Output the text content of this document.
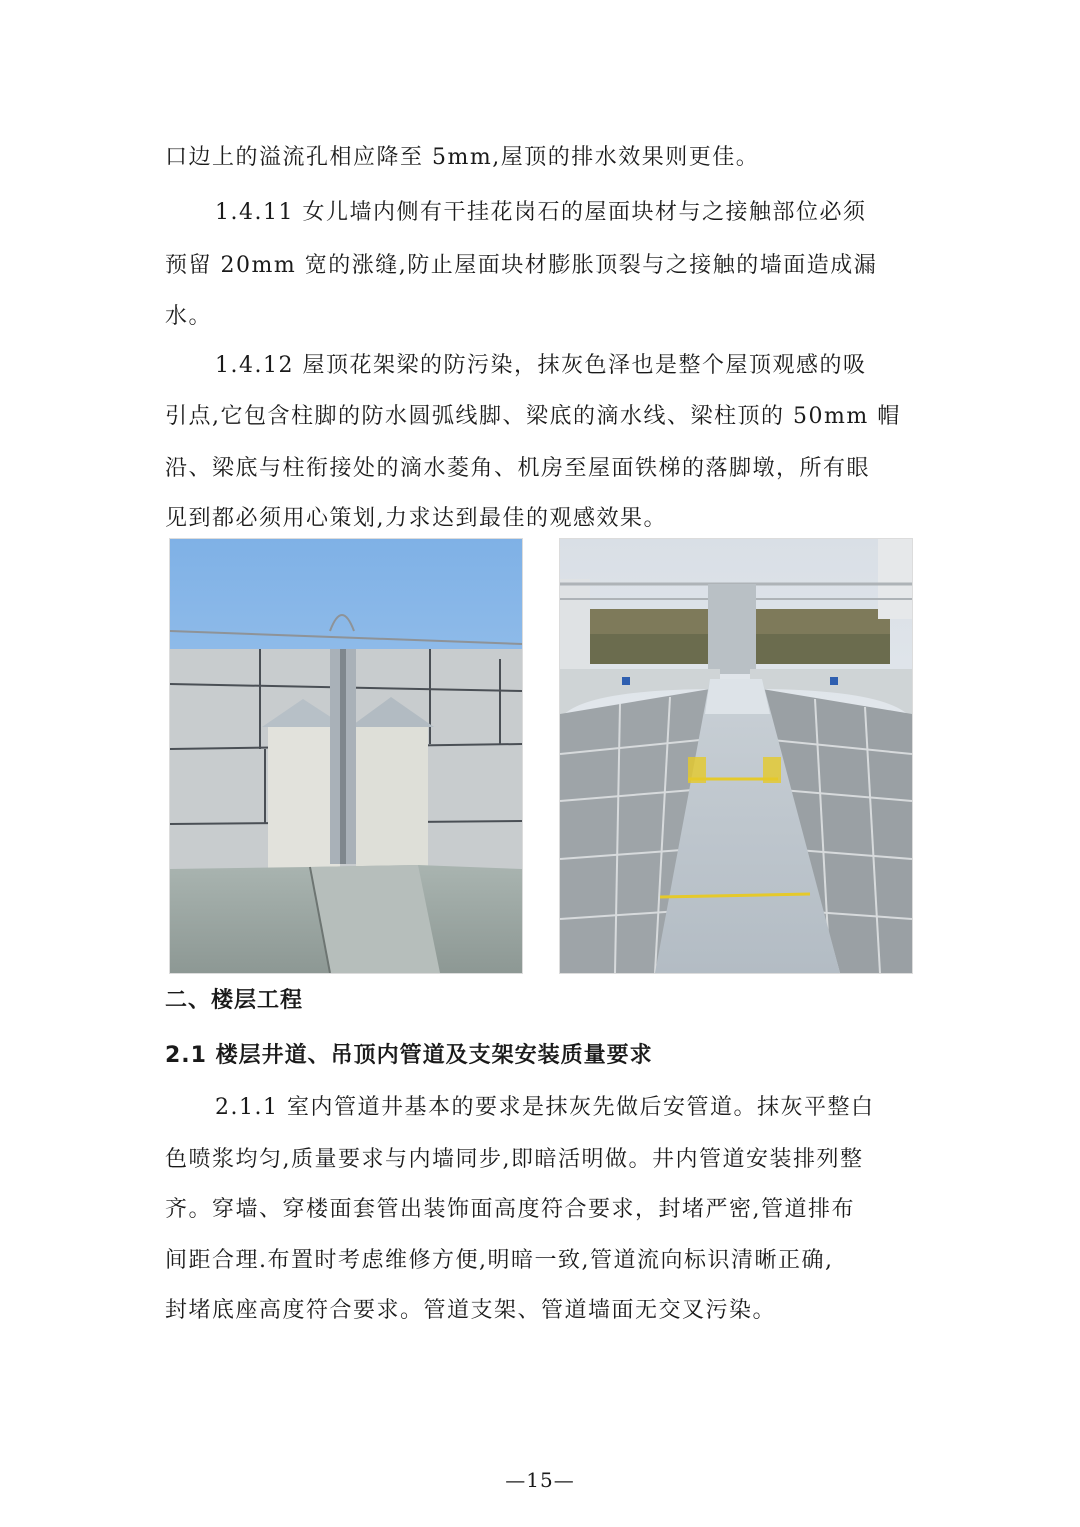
口边上的溢流孔相应降至 5mm,屋顶的排水效果则更佳。

1.4.11 女儿墙内侧有干挂花岗石的屋面块材与之接触部位必须

预留 20mm 宽的涨缝,防止屋面块材膨胀顶裂与之接触的墙面造成漏

水。

1.4.12 屋顶花架梁的防污染，抹灰色泽也是整个屋顶观感的吸

引点,它包含柱脚的防水圆弧线脚、梁底的滴水线、梁柱顶的 50mm 帽

沿、梁底与柱衔接处的滴水菱角、机房至屋面铁梯的落脚墩，所有眼

见到都必须用心策划,力求达到最佳的观感效果。

二、楼层工程
2.1 楼层井道、吊顶内管道及支架安装质量要求

2.1.1 室内管道井基本的要求是抹灰先做后安管道。抹灰平整白

色喷浆均匀,质量要求与内墙同步,即暗活明做。井内管道安装排列整

齐。穿墙、穿楼面套管出装饰面高度符合要求，封堵严密,管道排布

间距合理.布置时考虑维修方便,明暗一致,管道流向标识清晰正确,

封堵底座高度符合要求。管道支架、管道墙面无交叉污染。

—15—
